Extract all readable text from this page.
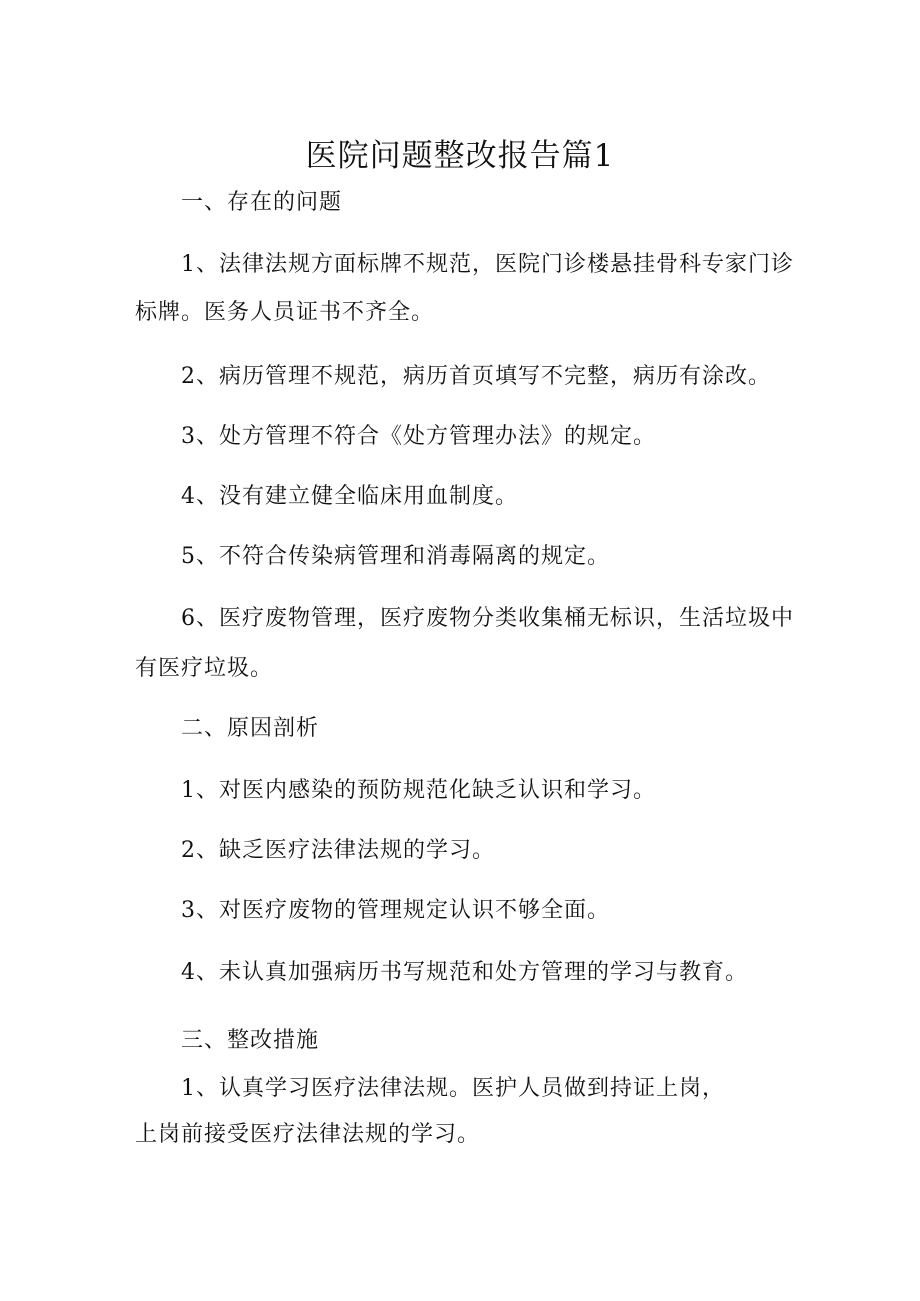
医院问题整改报告篇1
一、存在的问题
1、法律法规方面标牌不规范，医院门诊楼悬挂骨科专家门诊
标牌。医务人员证书不齐全。
2、病历管理不规范，病历首页填写不完整，病历有涂改。
3、处方管理不符合《处方管理办法》的规定。
4、没有建立健全临床用血制度。
5、不符合传染病管理和消毒隔离的规定。
6、医疗废物管理，医疗废物分类收集桶无标识，生活垃圾中
有医疗垃圾。
二、原因剖析
1、对医内感染的预防规范化缺乏认识和学习。
2、缺乏医疗法律法规的学习。
3、对医疗废物的管理规定认识不够全面。
4、未认真加强病历书写规范和处方管理的学习与教育。
三、整改措施
1、认真学习医疗法律法规。医护人员做到持证上岗，
上岗前接受医疗法律法规的学习。
